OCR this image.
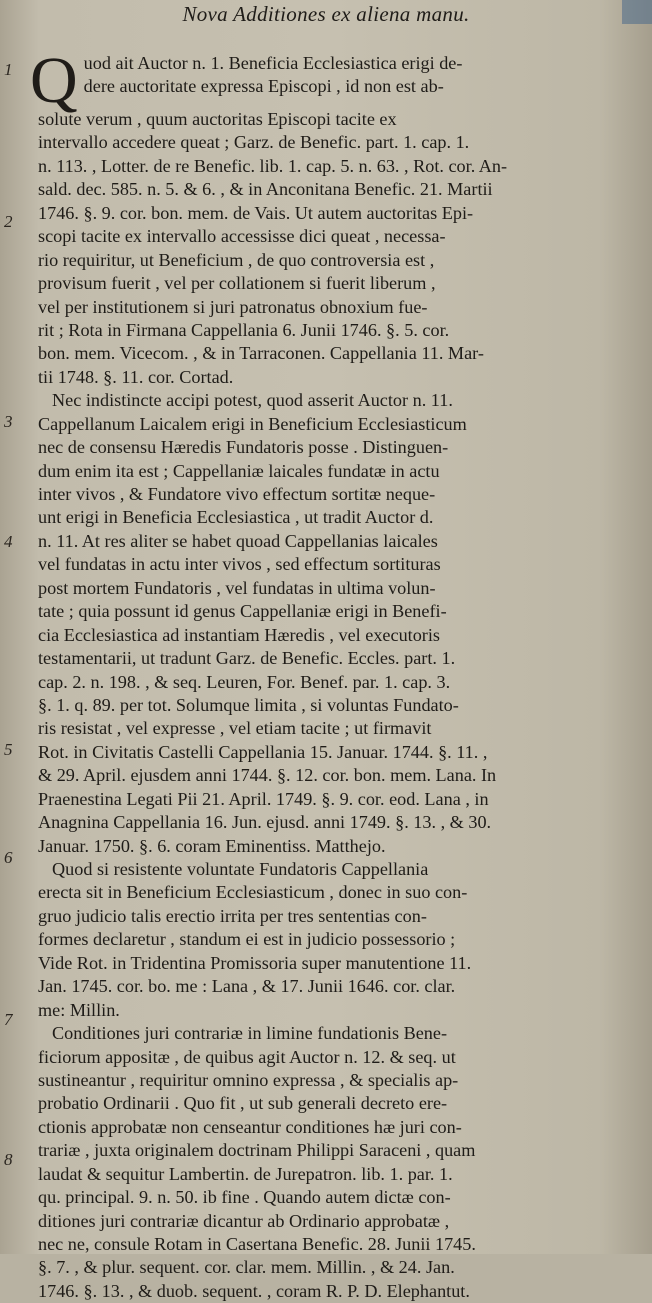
Nova Additiones ex aliena manu.
1
2
3
4
5
6
7
8
Q uod ait Auctor n. 1. Beneficia Ecclesiastica erigi de-
dere auctoritate expressa Episcopi , id non est ab-
solute verum , quum auctoritas Episcopi tacite ex
intervallo accedere queat ; Garz. de Benefic. part. 1. cap. 1.
n. 113. , Lotter. de re Benefic. lib. 1. cap. 5. n. 63. , Rot. cor. An-
sald. dec. 585. n. 5. & 6. , & in Anconitana Benefic. 21. Martii
1746. §. 9. cor. bon. mem. de Vais. Ut autem auctoritas Epi-
scopi tacite ex intervallo accessisse dici queat , necessa-
rio requiritur, ut Beneficium , de quo controversia est ,
provisum fuerit , vel per collationem si fuerit liberum ,
vel per institutionem si juri patronatus obnoxium fue-
rit ; Rota in Firmana Cappellania 6. Junii 1746. §. 5. cor.
bon. mem. Vicecom. , & in Tarraconen. Cappellania 11. Mar-
tii 1748. §. 11. cor. Cortad.
Nec indistincte accipi potest, quod asserit Auctor n. 11.
Cappellanum Laicalem erigi in Beneficium Ecclesiasticum
nec de consensu Hæredis Fundatoris posse . Distinguen-
dum enim ita est ; Cappellaniæ laicales fundatæ in actu
inter vivos , & Fundatore vivo effectum sortitæ neque-
unt erigi in Beneficia Ecclesiastica , ut tradit Auctor d.
n. 11. At res aliter se habet quoad Cappellanias laicales
vel fundatas in actu inter vivos , sed effectum sortituras
post mortem Fundatoris , vel fundatas in ultima volun-
tate ; quia possunt id genus Cappellaniæ erigi in Benefi-
cia Ecclesiastica ad instantiam Hæredis , vel executoris
testamentarii, ut tradunt Garz. de Benefic. Eccles. part. 1.
cap. 2. n. 198. , & seq. Leuren, For. Benef. par. 1. cap. 3.
§. 1. q. 89. per tot. Solumque limita , si voluntas Fundato-
ris resistat , vel expresse , vel etiam tacite ; ut firmavit
Rot. in Civitatis Castelli Cappellania 15. Januar. 1744. §. 11. ,
& 29. April. ejusdem anni 1744. §. 12. cor. bon. mem. Lana. In
Praenestina Legati Pii 21. April. 1749. §. 9. cor. eod. Lana , in
Anagnina Cappellania 16. Jun. ejusd. anni 1749. §. 13. , & 30.
Januar. 1750. §. 6. coram Eminentiss. Matthejo.
Quod si resistente voluntate Fundatoris Cappellania
erecta sit in Beneficium Ecclesiasticum , donec in suo con-
gruo judicio talis erectio irrita per tres sententias con-
formes declaretur , standum ei est in judicio possessorio ;
Vide Rot. in Tridentina Promissoria super manutentione 11.
Jan. 1745. cor. bo. me : Lana , & 17. Junii 1646. cor. clar.
me: Millin.
Conditiones juri contrariæ in limine fundationis Bene-
ficiorum appositæ , de quibus agit Auctor n. 12. & seq. ut
sustineantur , requiritur omnino expressa , & specialis ap-
probatio Ordinarii . Quo fit , ut sub generali decreto ere-
ctionis approbatæ non censeantur conditiones hæ juri con-
trariæ , juxta originalem doctrinam Philippi Saraceni , quam
laudat & sequitur Lambertin. de Jurepatron. lib. 1. par. 1.
qu. principal. 9. n. 50. ib fine . Quando autem dictæ con-
ditiones juri contrariæ dicantur ab Ordinario approbatæ ,
nec ne, consule Rotam in Casertana Benefic. 28. Junii 1745.
§. 7. , & plur. sequent. cor. clar. mem. Millin. , & 24. Jan.
1746. §. 13. , & duob. sequent. , coram R. P. D. Elephantut.
